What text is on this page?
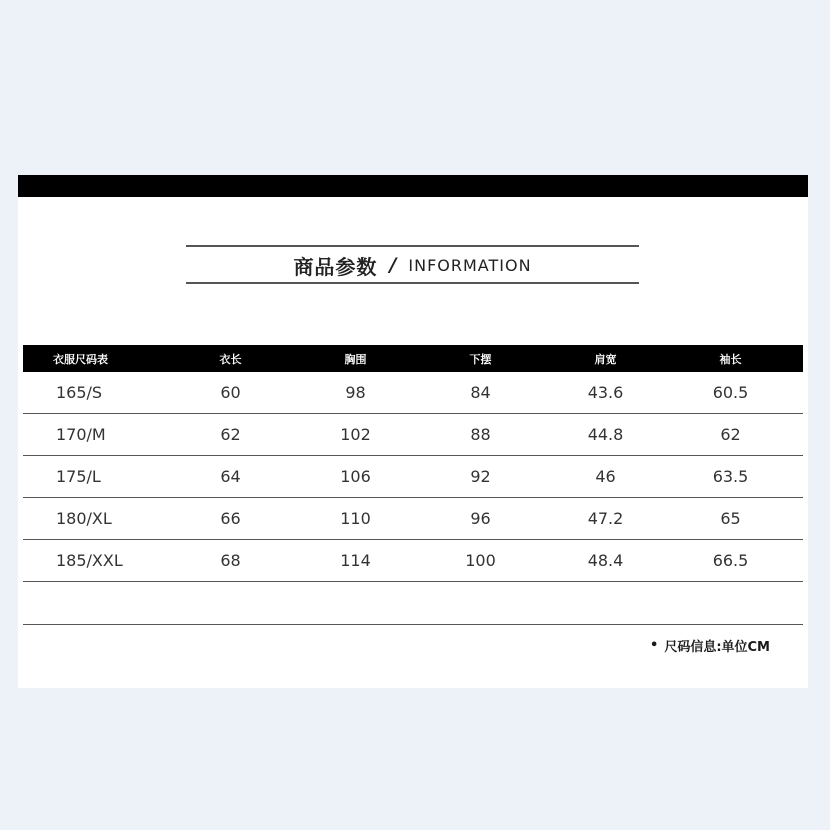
商品参数 / INFORMATION
衣服尺码表	衣长	胸围	下摆	肩宽	袖长
165/S	60	98	84	43.6	60.5
170/M	62	102	88	44.8	62
175/L	64	106	92	46	63.5
180/XL	66	110	96	47.2	65
185/XXL	68	114	100	48.4	66.5
• 尺码信息:单位CM
